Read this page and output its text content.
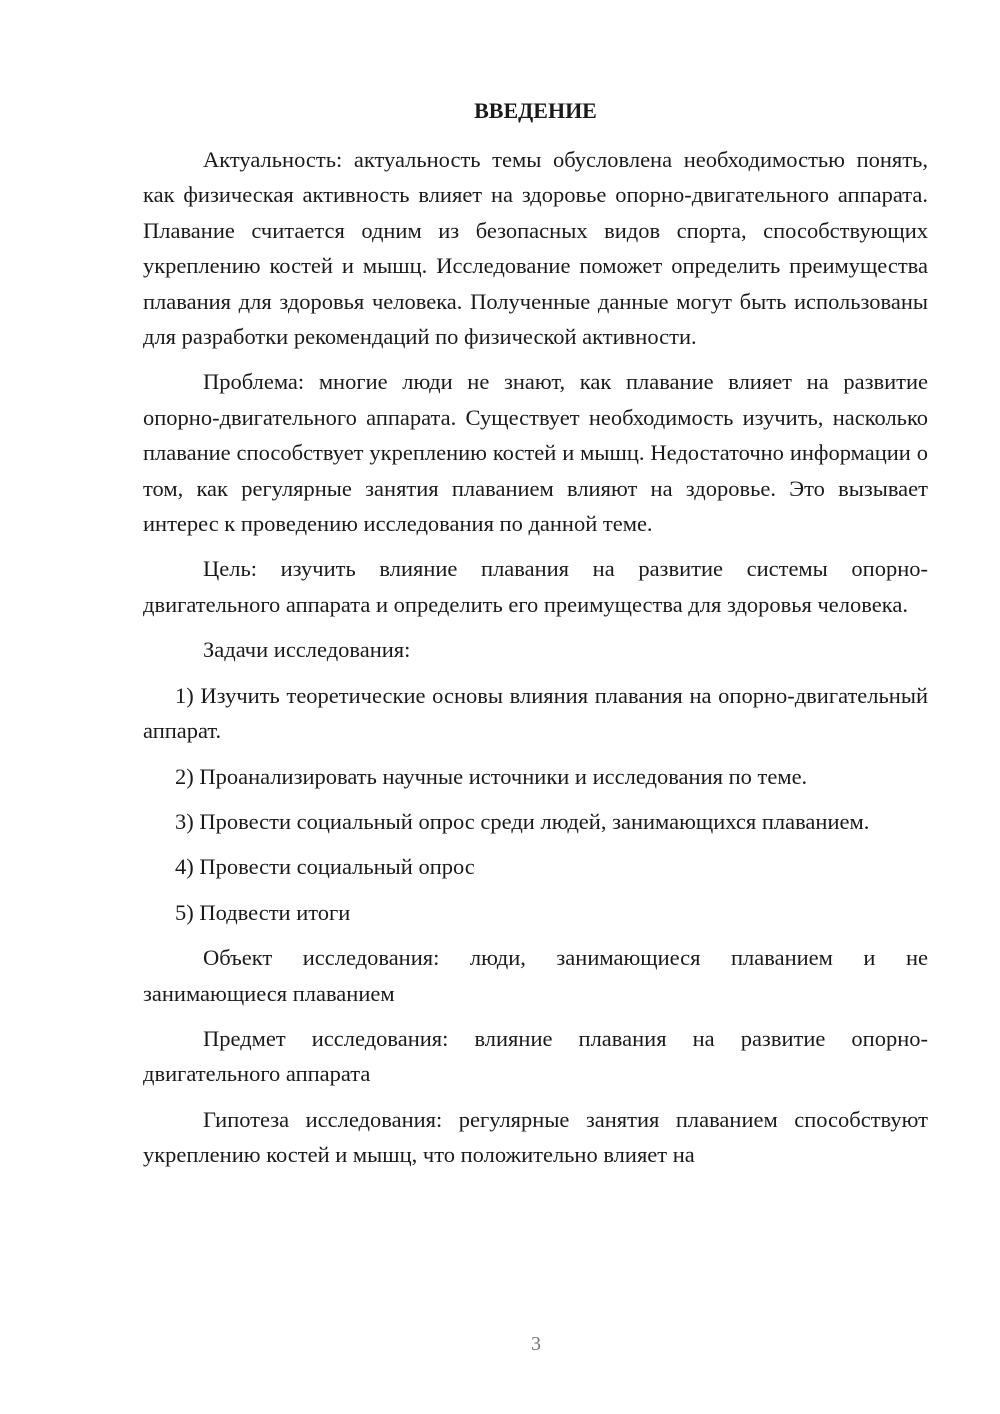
ВВЕДЕНИЕ

Актуальность: актуальность темы обусловлена необходимостью понять, как физическая активность влияет на здоровье опорно-двигательного аппарата. Плавание считается одним из безопасных видов спорта, способствующих укреплению костей и мышц. Исследование поможет определить преимущества плавания для здоровья человека. Полученные данные могут быть использованы для разработки рекомендаций по физической активности.

Проблема: многие люди не знают, как плавание влияет на развитие опорно-двигательного аппарата. Существует необходимость изучить, насколько плавание способствует укреплению костей и мышц. Недостаточно информации о том, как регулярные занятия плаванием влияют на здоровье. Это вызывает интерес к проведению исследования по данной теме.

Цель: изучить влияние плавания на развитие системы опорно-двигательного аппарата и определить его преимущества для здоровья человека.

Задачи исследования:

1) Изучить теоретические основы влияния плавания на опорно-двигательный аппарат.

2) Проанализировать научные источники и исследования по теме.

3) Провести социальный опрос среди людей, занимающихся плаванием.

4) Провести социальный опрос

5) Подвести итоги

Объект исследования: люди, занимающиеся плаванием и не занимающиеся плаванием

Предмет исследования: влияние плавания на развитие опорно-двигательного аппарата

Гипотеза исследования: регулярные занятия плаванием способствуют укреплению костей и мышц, что положительно влияет на

3
